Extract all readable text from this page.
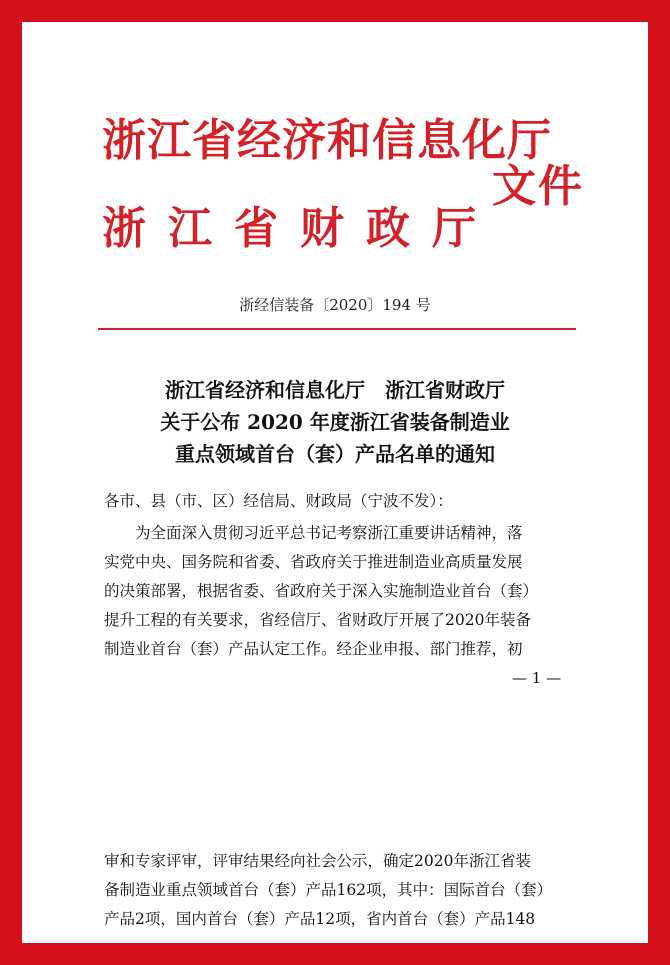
浙江省经济和信息化厅
浙江省财政厅
文件
浙经信装备〔2020〕194 号
浙江省经济和信息化厅　浙江省财政厅
关于公布 2020 年度浙江省装备制造业
重点领域首台（套）产品名单的通知
各市、县（市、区）经信局、财政局（宁波不发）：
　　为全面深入贯彻习近平总书记考察浙江重要讲话精神，落
实党中央、国务院和省委、省政府关于推进制造业高质量发展
的决策部署，根据省委、省政府关于深入实施制造业首台（套）
提升工程的有关要求，省经信厅、省财政厅开展了2020年装备
制造业首台（套）产品认定工作。经企业申报、部门推荐，初
— 1 —
审和专家评审，评审结果经向社会公示，确定2020年浙江省装
备制造业重点领域首台（套）产品162项，其中：国际首台（套）
产品2项，国内首台（套）产品12项，省内首台（套）产品148
